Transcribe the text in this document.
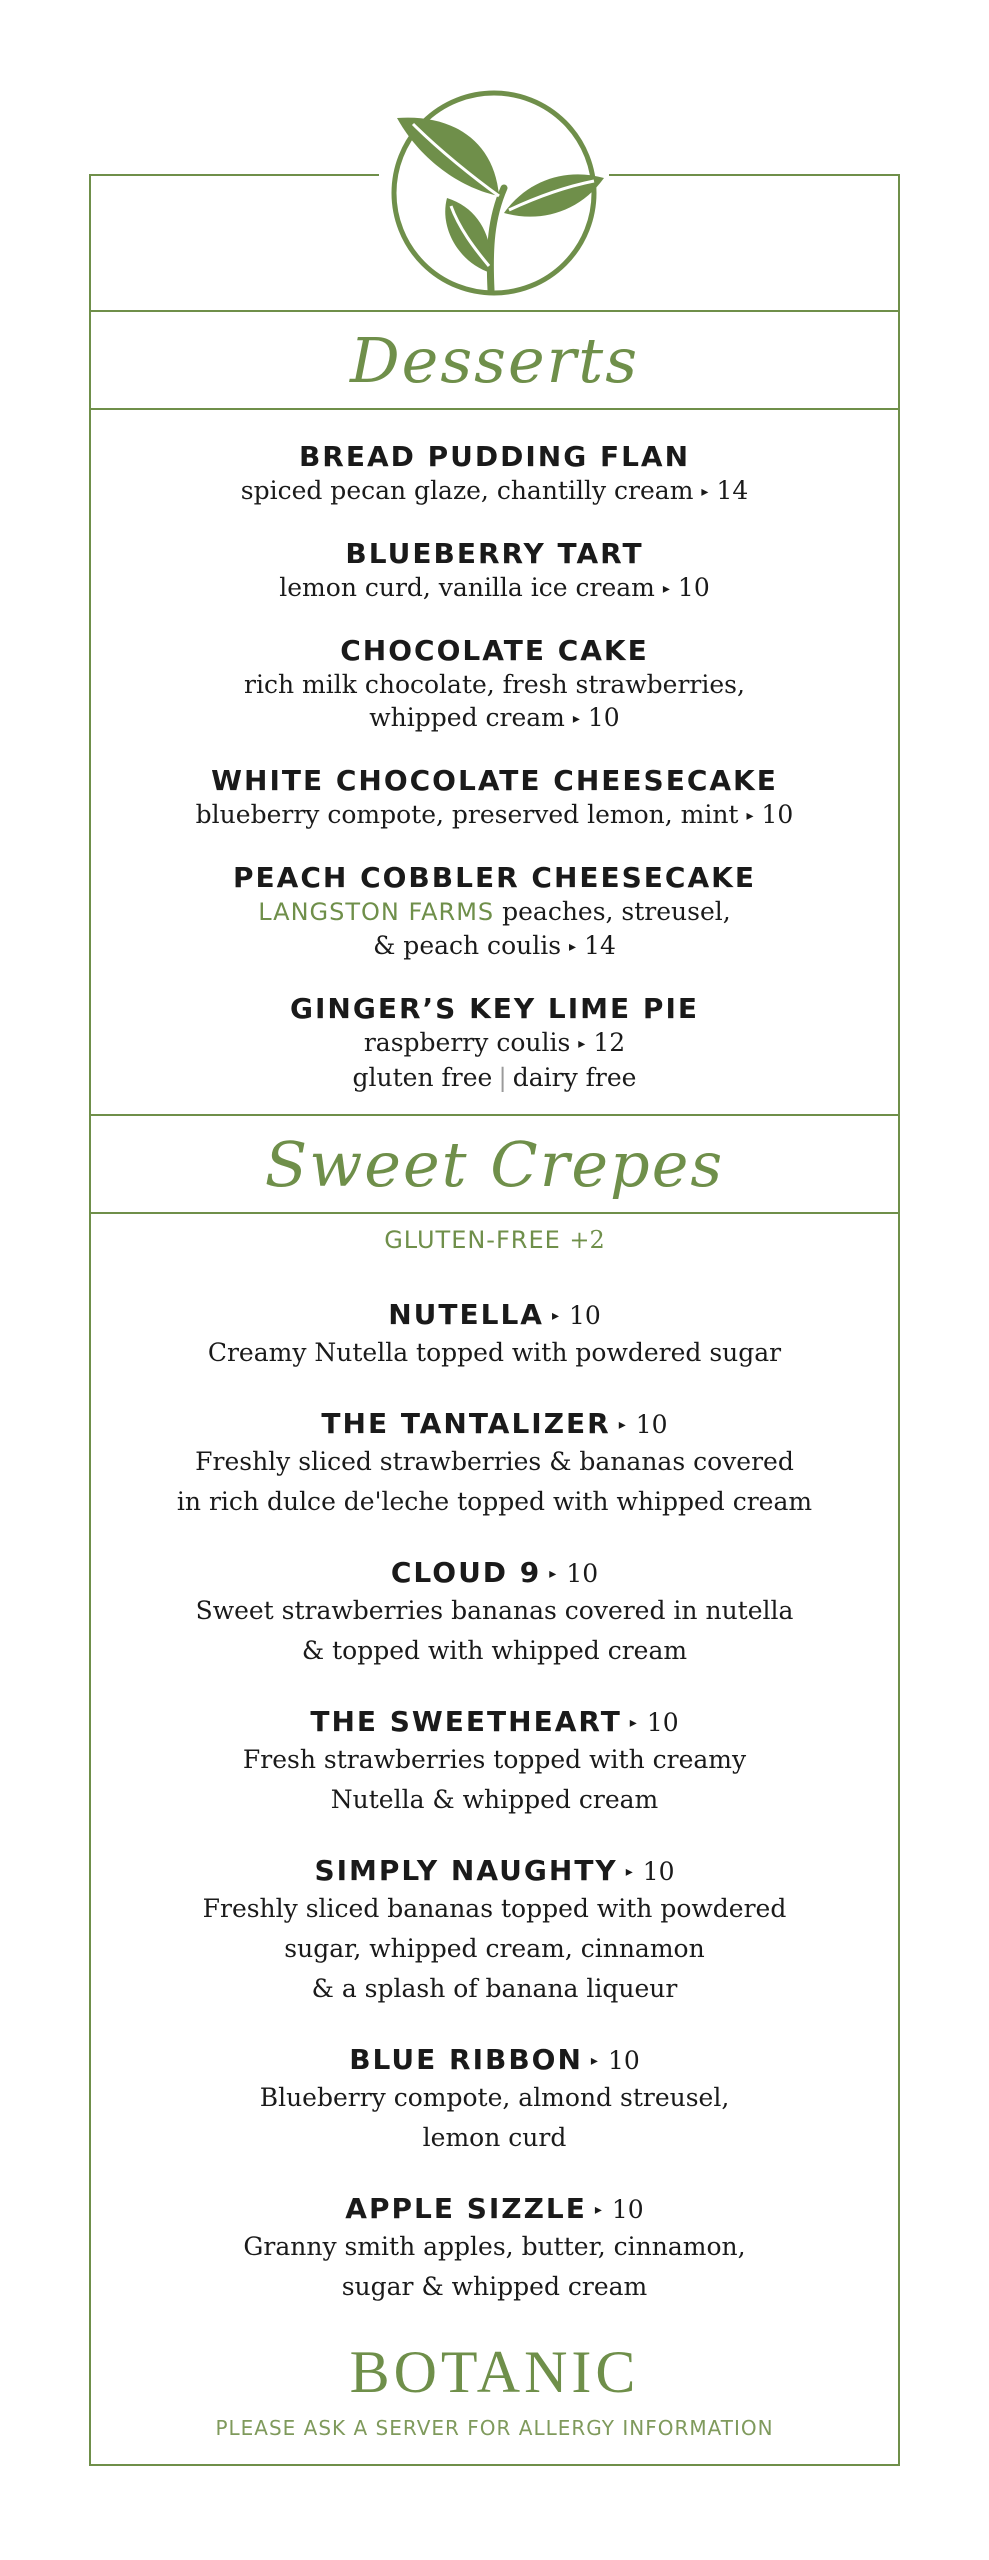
Desserts
BREAD PUDDING FLAN
spiced pecan glaze, chantilly cream ▸ 14
BLUEBERRY TART
lemon curd, vanilla ice cream ▸ 10
CHOCOLATE CAKE
rich milk chocolate, fresh strawberries,
whipped cream ▸ 10
WHITE CHOCOLATE CHEESECAKE
blueberry compote, preserved lemon, mint ▸ 10
PEACH COBBLER CHEESECAKE
LANGSTON FARMS peaches, streusel,
& peach coulis ▸ 14
GINGER’S KEY LIME PIE
raspberry coulis ▸ 12
gluten free | dairy free
Sweet Crepes
GLUTEN-FREE +2
NUTELLA ▸ 10
Creamy Nutella topped with powdered sugar
THE TANTALIZER ▸ 10
Freshly sliced strawberries & bananas covered
in rich dulce de'leche topped with whipped cream
CLOUD 9 ▸ 10
Sweet strawberries bananas covered in nutella
& topped with whipped cream
THE SWEETHEART ▸ 10
Fresh strawberries topped with creamy
Nutella & whipped cream
SIMPLY NAUGHTY ▸ 10
Freshly sliced bananas topped with powdered
sugar, whipped cream, cinnamon
& a splash of banana liqueur
BLUE RIBBON ▸ 10
Blueberry compote, almond streusel,
lemon curd
APPLE SIZZLE ▸ 10
Granny smith apples, butter, cinnamon,
sugar & whipped cream
BOTANIC
PLEASE ASK A SERVER FOR ALLERGY INFORMATION
